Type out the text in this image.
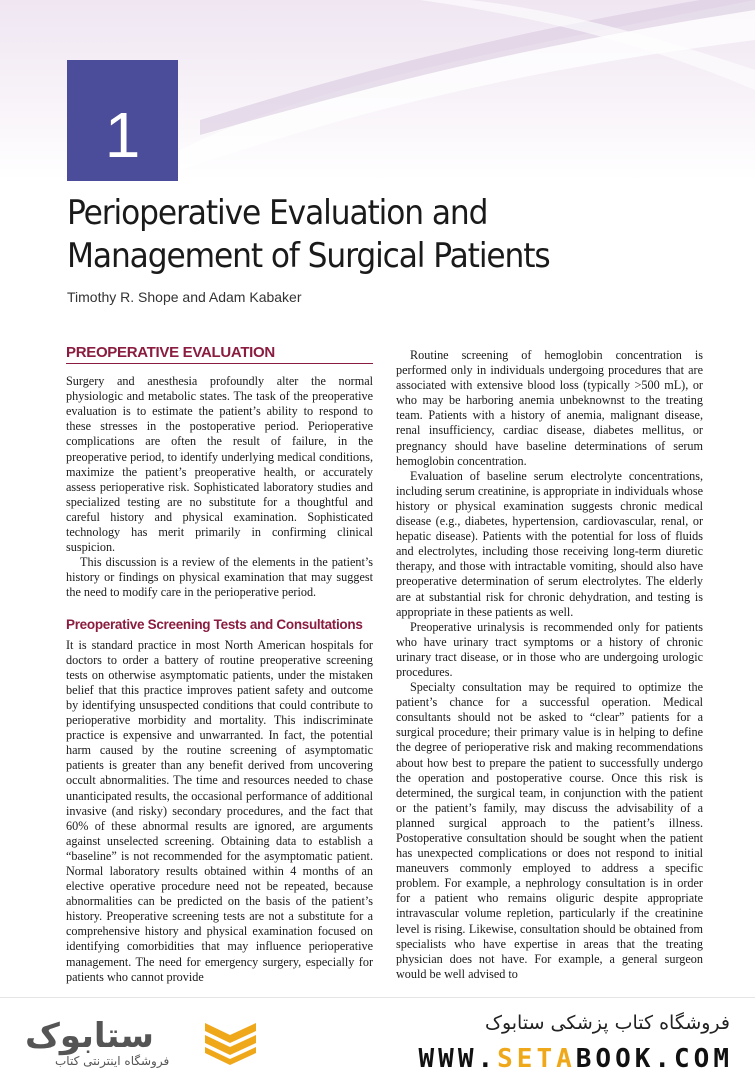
1
Perioperative Evaluation and
Management of Surgical Patients
Timothy R. Shope and Adam Kabaker
PREOPERATIVE EVALUATION

Surgery and anesthesia profoundly alter the normal physiologic and metabolic states. The task of the preoperative evaluation is to estimate the patient’s ability to respond to these stresses in the postoperative period. Perioperative complications are often the result of failure, in the preoperative period, to identify underlying medical conditions, maximize the patient’s preoperative health, or accurately assess perioperative risk. Sophisticated laboratory studies and specialized testing are no substitute for a thoughtful and careful history and physical examination. Sophisticated technology has merit primarily in confirming clinical suspicion.

This discussion is a review of the elements in the patient’s history or findings on physical examination that may suggest the need to modify care in the perioperative period.

Preoperative Screening Tests and Consultations

It is standard practice in most North American hospitals for doctors to order a battery of routine preoperative screening tests on otherwise asymptomatic patients, under the mistaken belief that this practice improves patient safety and outcome by identifying unsuspected conditions that could contribute to perioperative morbidity and mortality. This indiscriminate practice is expensive and unwarranted. In fact, the potential harm caused by the routine screening of asymptomatic patients is greater than any benefit derived from uncovering occult abnormalities. The time and resources needed to chase unanticipated results, the occasional performance of additional invasive (and risky) secondary procedures, and the fact that 60% of these abnormal results are ignored, are arguments against unselected screening. Obtaining data to establish a “baseline” is not recommended for the asymptomatic patient. Normal laboratory results obtained within 4 months of an elective operative procedure need not be repeated, because abnormalities can be predicted on the basis of the patient’s history. Preoperative screening tests are not a substitute for a comprehensive history and physical examination focused on identifying comorbidities that may influence perioperative management. The need for emergency surgery, especially for patients who cannot provide

Routine screening of hemoglobin concentration is performed only in individuals undergoing procedures that are associated with extensive blood loss (typically >500 mL), or who may be harboring anemia unbeknownst to the treating team. Patients with a history of anemia, malignant disease, renal insufficiency, cardiac disease, diabetes mellitus, or pregnancy should have baseline determinations of serum hemoglobin concentration.

Evaluation of baseline serum electrolyte concentrations, including serum creatinine, is appropriate in individuals whose history or physical examination suggests chronic medical disease (e.g., diabetes, hypertension, cardiovascular, renal, or hepatic disease). Patients with the potential for loss of fluids and electrolytes, including those receiving long-term diuretic therapy, and those with intractable vomiting, should also have preoperative determination of serum electrolytes. The elderly are at substantial risk for chronic dehydration, and testing is appropriate in these patients as well.

Preoperative urinalysis is recommended only for patients who have urinary tract symptoms or a history of chronic urinary tract disease, or in those who are undergoing urologic procedures.

Specialty consultation may be required to optimize the patient’s chance for a successful operation. Medical consultants should not be asked to “clear” patients for a surgical procedure; their primary value is in helping to define the degree of perioperative risk and making recommendations about how best to prepare the patient to successfully undergo the operation and postoperative course. Once this risk is determined, the surgical team, in conjunction with the patient or the patient’s family, may discuss the advisability of a planned surgical approach to the patient’s illness. Postoperative consultation should be sought when the patient has unexpected complications or does not respond to initial maneuvers commonly employed to address a specific problem. For example, a nephrology consultation is in order for a patient who remains oliguric despite appropriate intravascular volume repletion, particularly if the creatinine level is rising. Likewise, consultation should be obtained from specialists who have expertise in areas that the treating physician does not have. For example, a general surgeon would be well advised to

ستابوک
فروشگاه اینترنتی کتاب
فروشگاه کتاب پزشکی ستابوک
WWW.SETABOOK.COM
